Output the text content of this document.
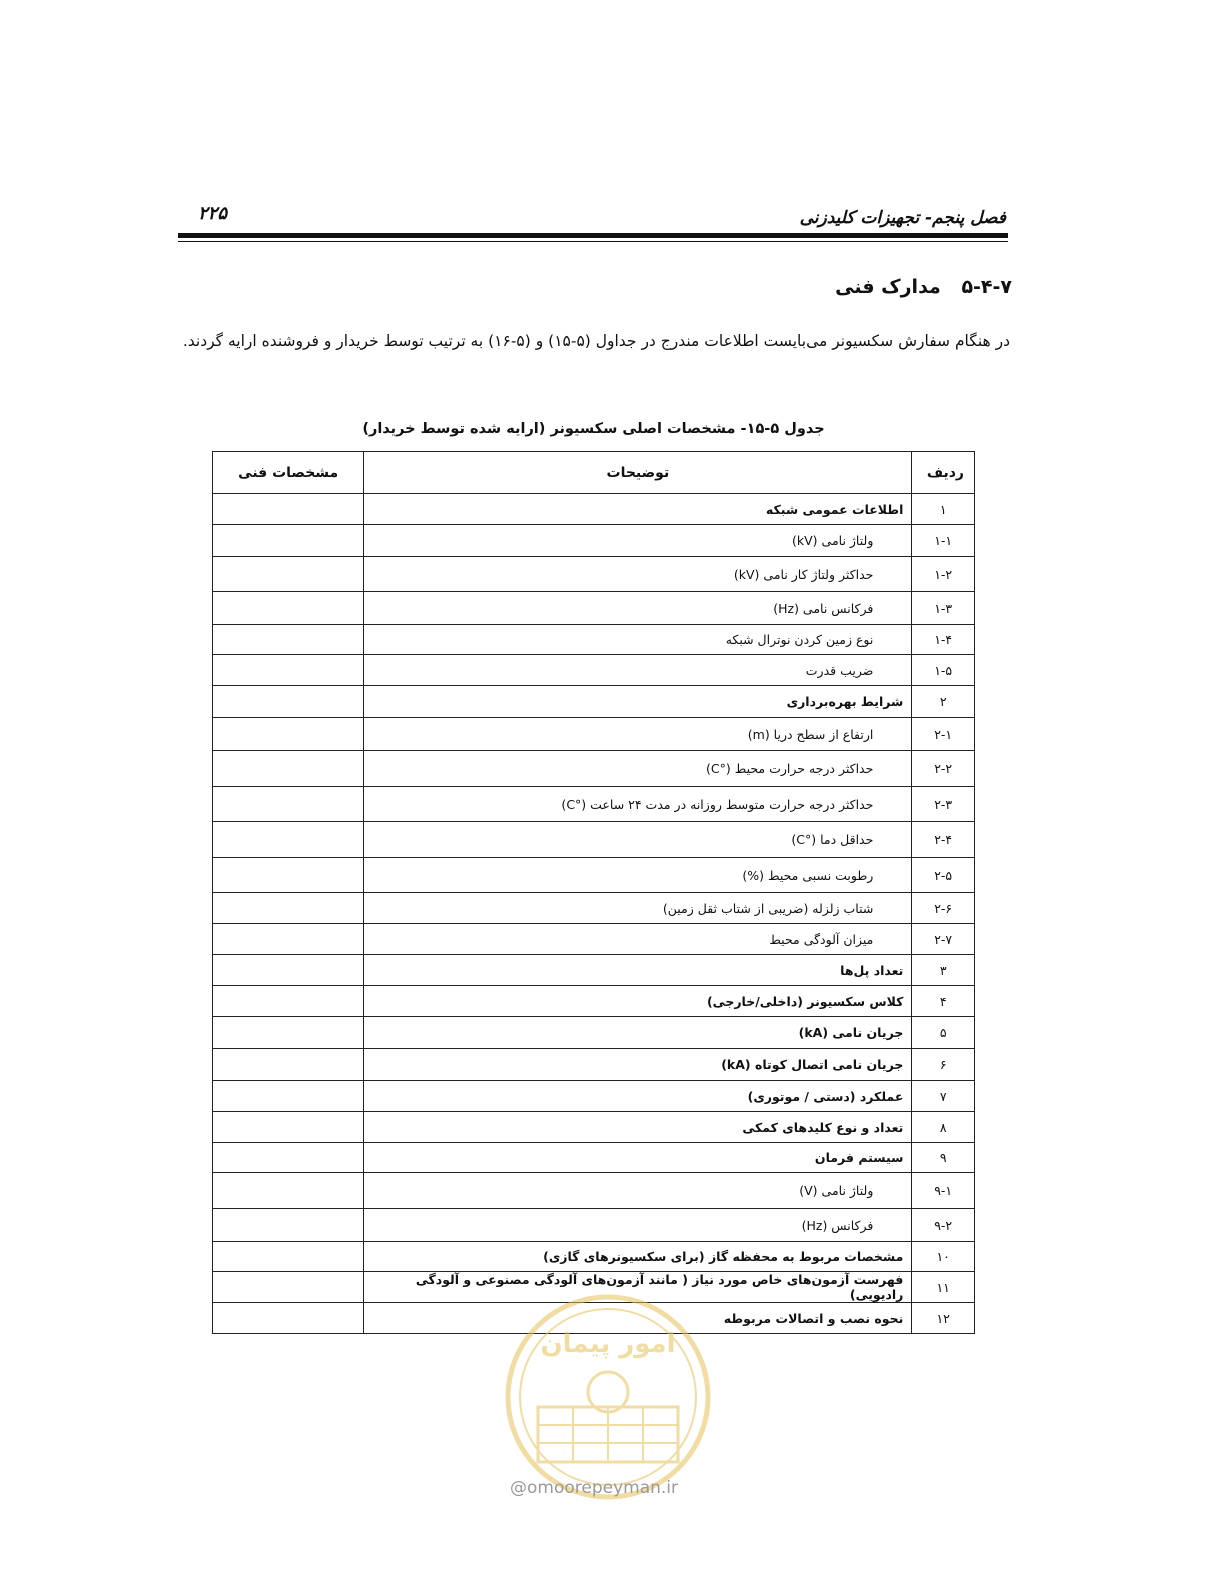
فصل پنجم- تجهیزات کلیدزنی
۲۲۵
۵-۴-۷ مدارک فنی

در هنگام سفارش سکسیونر می‌بایست اطلاعات مندرج در جداول (۵-۱۵) و (۵-۱۶) به ترتیب توسط خریدار و فروشنده ارایه گردند.

جدول ۵-۱۵- مشخصات اصلی سکسیونر (ارایه شده توسط خریدار)
ردیف	توضیحات	مشخصات فنی
۱	اطلاعات عمومی شبکه	
۱-۱	ولتاژ نامی (kV)	
۱-۲	حداکثر ولتاژ کار نامی (kV)	
۱-۳	فرکانس نامی (Hz)	
۱-۴	نوع زمین کردن نوترال شبکه	
۱-۵	ضریب قدرت	
۲	شرایط بهره‌برداری	
۲-۱	ارتفاع از سطح دریا (m)	
۲-۲	حداکثر درجه حرارت محیط (°C)	
۲-۳	حداکثر درجه حرارت متوسط روزانه در مدت ۲۴ ساعت (°C)	
۲-۴	حداقل دما (°C)	
۲-۵	رطوبت نسبی محیط (%)	
۲-۶	شتاب زلزله (ضریبی از شتاب ثقل زمین)	
۲-۷	میزان آلودگی محیط	
۳	تعداد پل‌ها	
۴	کلاس سکسیونر (داخلی/خارجی)	
۵	جریان نامی (kA)	
۶	جریان نامی اتصال کوتاه (kA)	
۷	عملکرد (دستی / موتوری)	
۸	تعداد و نوع کلیدهای کمکی	
۹	سیستم فرمان	
۹-۱	ولتاژ نامی (V)	
۹-۲	فرکانس (Hz)	
۱۰	مشخصات مربوط به محفظه گاز (برای سکسیونرهای گازی)	
۱۱	فهرست آزمون‌های خاص مورد نیاز ( مانند آزمون‌های آلودگی مصنوعی و آلودگی رادیویی)	
۱۲	نحوه نصب و اتصالات مربوطه	
امور پیمان
@omoorepeyman.ir
